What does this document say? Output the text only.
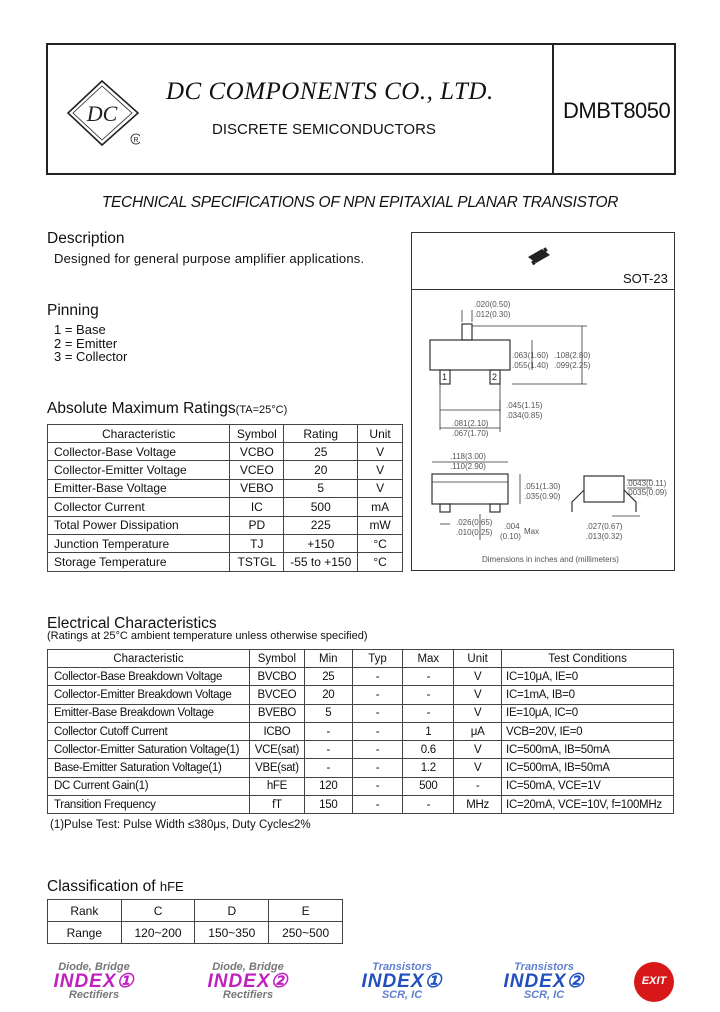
DC
R
DC COMPONENTS CO., LTD.
DISCRETE SEMICONDUCTORS
DMBT8050
TECHNICAL SPECIFICATIONS OF NPN EPITAXIAL PLANAR TRANSISTOR
Description
Designed for general purpose amplifier applications.
Pinning
1 = Base
2 = Emitter
3 = Collector
SOT-23
.020(0.50)
.012(0.30)
.063(1.60)
.055(1.40)
.108(2.80)
.099(2.25)
.045(1.15)
.034(0.85)
.081(2.10)
.067(1.70)
.118(3.00)
.110(2.90)
.051(1.30)
.035(0.90)
.0043(0.11)
.0035(0.09)
.026(0.65)
.010(0.25)
.004
(0.10)
Max
.027(0.67)
.013(0.32)
Dimensions in inches and (millimeters)
1	2
Absolute Maximum Ratings(TA=25°C)
Characteristic	Symbol	Rating	Unit
Collector-Base Voltage	VCBO	25	V
Collector-Emitter Voltage	VCEO	20	V
Emitter-Base Voltage	VEBO	5	V
Collector Current	IC	500	mA
Total Power Dissipation	PD	225	mW
Junction Temperature	TJ	+150	°C
Storage Temperature	TSTGL	-55 to +150	°C
Electrical Characteristics
(Ratings at 25°C ambient temperature unless otherwise specified)
Characteristic	Symbol	Min	Typ	Max	Unit	Test Conditions
Collector-Base Breakdown Voltage	BVCBO	25	-	-	V	IC=10μA, IE=0
Collector-Emitter Breakdown Voltage	BVCEO	20	-	-	V	IC=1mA, IB=0
Emitter-Base Breakdown Voltage	BVEBO	5	-	-	V	IE=10μA, IC=0
Collector Cutoff Current	ICBO	-	-	1	μA	VCB=20V, IE=0
Collector-Emitter Saturation Voltage(1)	VCE(sat)	-	-	0.6	V	IC=500mA, IB=50mA
Base-Emitter Saturation Voltage(1)	VBE(sat)	-	-	1.2	V	IC=500mA, IB=50mA
DC Current Gain(1)	hFE	120	-	500	-	IC=50mA, VCE=1V
Transition Frequency	fT	150	-	-	MHz	IC=20mA, VCE=10V, f=100MHz
(1)Pulse Test: Pulse Width ≤380μs, Duty Cycle≤2%
Classification of hFE
Rank	C	D	E
Range	120~200	150~350	250~500
Diode, Bridge
INDEX①
Rectifiers
Diode, Bridge
INDEX②
Rectifiers
Transistors
INDEX①
SCR, IC
Transistors
INDEX②
SCR, IC
EXIT
